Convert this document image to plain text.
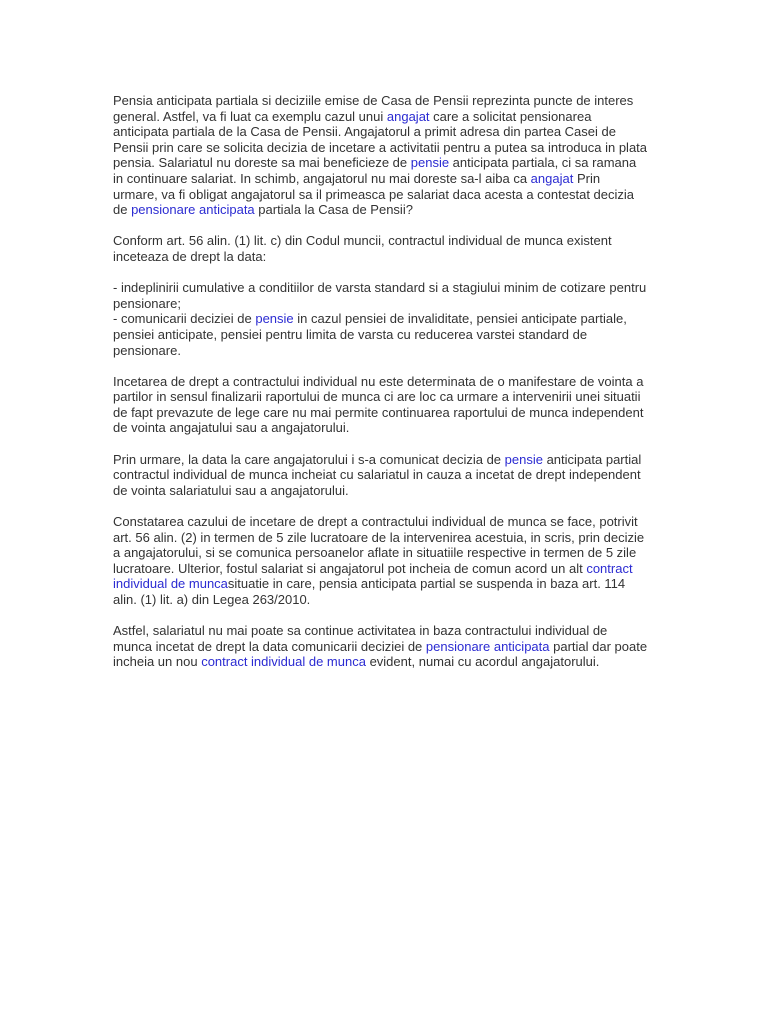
Pensia anticipata partiala si deciziile emise de Casa de Pensii reprezinta puncte de interes
general. Astfel, va fi luat ca exemplu cazul unui angajat care a solicitat pensionarea
anticipata partiala de la Casa de Pensii. Angajatorul a primit adresa din partea Casei de
Pensii prin care se solicita decizia de incetare a activitatii pentru a putea sa introduca in plata
pensia. Salariatul nu doreste sa mai beneficieze de pensie anticipata partiala, ci sa ramana
in continuare salariat. In schimb, angajatorul nu mai doreste sa-l aiba ca angajat Prin
urmare, va fi obligat angajatorul sa il primeasca pe salariat daca acesta a contestat decizia
de pensionare anticipata partiala la Casa de Pensii?
Conform art. 56 alin. (1) lit. c) din Codul muncii, contractul individual de munca existent
inceteaza de drept la data:
- indeplinirii cumulative a conditiilor de varsta standard si a stagiului minim de cotizare pentru
pensionare;
- comunicarii deciziei de pensie in cazul pensiei de invaliditate, pensiei anticipate partiale,
pensiei anticipate, pensiei pentru limita de varsta cu reducerea varstei standard de
pensionare.
Incetarea de drept a contractului individual nu este determinata de o manifestare de vointa a
partilor in sensul finalizarii raportului de munca ci are loc ca urmare a intervenirii unei situatii
de fapt prevazute de lege care nu mai permite continuarea raportului de munca independent
de vointa angajatului sau a angajatorului.
Prin urmare, la data la care angajatorului i s-a comunicat decizia de pensie anticipata partial
contractul individual de munca incheiat cu salariatul in cauza a incetat de drept independent
de vointa salariatului sau a angajatorului.
Constatarea cazului de incetare de drept a contractului individual de munca se face, potrivit
art. 56 alin. (2) in termen de 5 zile lucratoare de la intervenirea acestuia, in scris, prin decizie
a angajatorului, si se comunica persoanelor aflate in situatiile respective in termen de 5 zile
lucratoare. Ulterior, fostul salariat si angajatorul pot incheia de comun acord un alt contract
individual de muncasituatie in care, pensia anticipata partial se suspenda in baza art. 114
alin. (1) lit. a) din Legea 263/2010.
Astfel, salariatul nu mai poate sa continue activitatea in baza contractului individual de
munca incetat de drept la data comunicarii deciziei de pensionare anticipata partial dar poate
incheia un nou contract individual de munca evident, numai cu acordul angajatorului.
